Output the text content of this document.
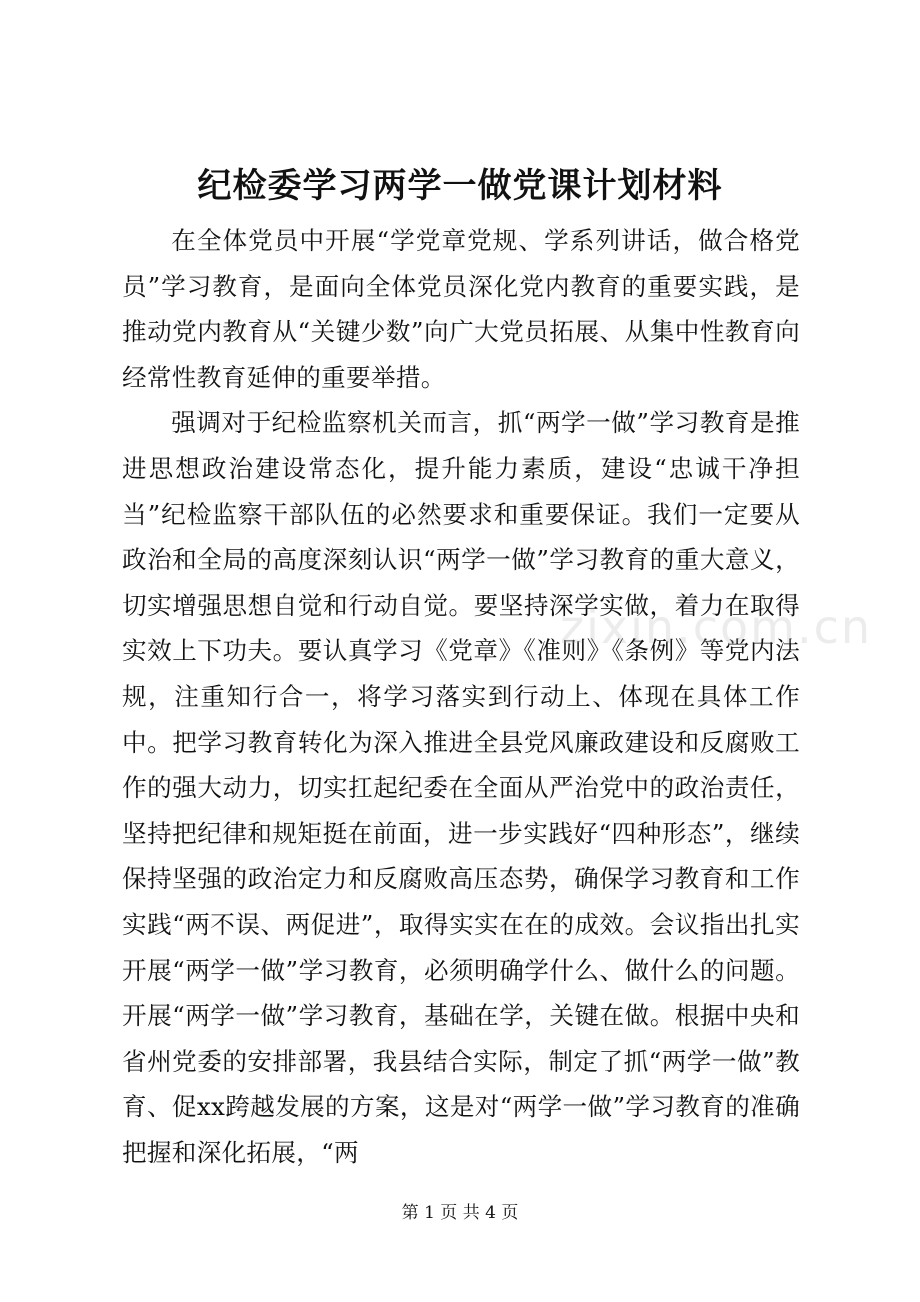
纪检委学习两学一做党课计划材料

在全体党员中开展“学党章党规、学系列讲话，做合格党员”学习教育，是面向全体党员深化党内教育的重要实践，是推动党内教育从“关键少数”向广大党员拓展、从集中性教育向经常性教育延伸的重要举措。

强调对于纪检监察机关而言，抓“两学一做”学习教育是推进思想政治建设常态化，提升能力素质，建设“忠诚干净担当”纪检监察干部队伍的必然要求和重要保证。我们一定要从政治和全局的高度深刻认识“两学一做”学习教育的重大意义，切实增强思想自觉和行动自觉。要坚持深学实做，着力在取得实效上下功夫。要认真学习《党章》《准则》《条例》等党内法规，注重知行合一，将学习落实到行动上、体现在具体工作中。把学习教育转化为深入推进全县党风廉政建设和反腐败工作的强大动力，切实扛起纪委在全面从严治党中的政治责任，坚持把纪律和规矩挺在前面，进一步实践好“四种形态”，继续保持坚强的政治定力和反腐败高压态势，确保学习教育和工作实践“两不误、两促进”，取得实实在在的成效。会议指出扎实开展“两学一做”学习教育，必须明确学什么、做什么的问题。开展“两学一做”学习教育，基础在学，关键在做。根据中央和省州党委的安排部署，我县结合实际，制定了抓“两学一做”教育、促xx跨越发展的方案，这是对“两学一做”学习教育的准确把握和深化拓展，“两

zixin.com.cn
第 1 页 共 4 页
